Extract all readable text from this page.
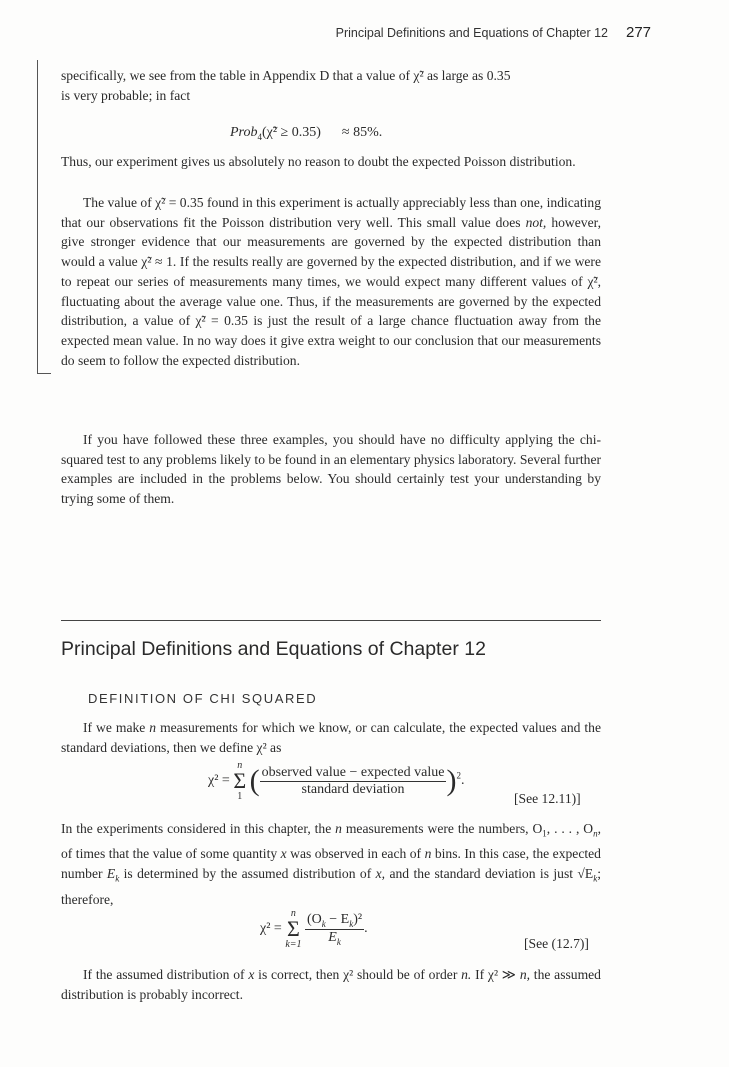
Principal Definitions and Equations of Chapter 12 277

specifically, we see from the table in Appendix D that a value of χ̃² as large as 0.35
is very probable; in fact

Prob$_4$(χ̃² ≥ 0.35) ≈ 85%.

Thus, our experiment gives us absolutely no reason to doubt the expected Poisson distribution.

The value of χ̃² = 0.35 found in this experiment is actually appreciably less than one, indicating that our observations fit the Poisson distribution very well. This small value does not, however, give stronger evidence that our measurements are governed by the expected distribution than would a value χ̃² ≈ 1. If the results really are governed by the expected distribution, and if we were to repeat our series of measurements many times, we would expect many different values of χ̃², fluctuating about the average value one. Thus, if the measurements are governed by the expected distribution, a value of χ̃² = 0.35 is just the result of a large chance fluctuation away from the expected mean value. In no way does it give extra weight to our conclusion that our measurements do seem to follow the expected distribution.

If you have followed these three examples, you should have no difficulty applying the chi-squared test to any problems likely to be found in an elementary physics laboratory. Several further examples are included in the problems below. You should certainly test your understanding by trying some of them.

Principal Definitions and Equations of Chapter 12
DEFINITION OF CHI SQUARED

If we make n measurements for which we know, or can calculate, the expected values and the standard deviations, then we define χ² as

χ² = n
Σ
1 ( $\frac{\text{observed value − expected value}}{\text{standard deviation}} )^2$.
[See 12.11)]

In the experiments considered in this chapter, the n measurements were the numbers, $O_1$, . . . , $O_n$, of times that the value of some quantity x was observed in each of n bins. In this case, the expected number $E_k$ is determined by the assumed distribution of x, and the standard deviation is just $√E_k$; therefore,

χ² = n
Σ
$k=1 \frac{(O_k - E_k)^2}{E_k}$ .
[See (12.7)]

If the assumed distribution of x is correct, then χ² should be of order n. If χ² ≫ n, the assumed distribution is probably incorrect.
